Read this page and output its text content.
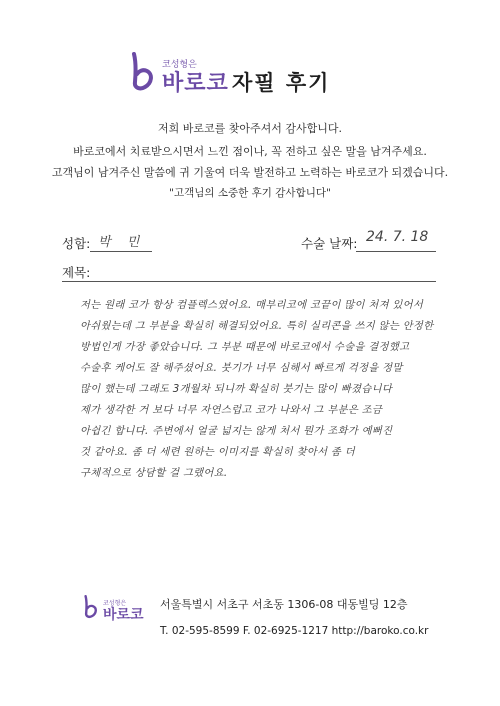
코성형은
바로코 자필 후기
저희 바로코를 찾아주셔서 감사합니다.
바로코에서 치료받으시면서 느낀 점이나, 꼭 전하고 싶은 말을 남겨주세요.
고객님이 남겨주신 말씀에 귀 기울여 더욱 발전하고 노력하는 바로코가 되겠습니다.
"고객님의 소중한 후기 감사합니다"
성함: 박 민	수술 날짜: 24. 7. 18
제목:
저는 원래 코가 항상 컴플렉스였어요. 매부리코에 코끝이 많이 처져 있어서
아쉬웠는데 그 부분을 확실히 해결되었어요. 특히 실리콘을 쓰지 않는 안정한
방법인게 가장 좋았습니다. 그 부분 때문에 바로코에서 수술을 결정했고
수술후 케어도 잘 해주셨어요. 붓기가 너무 심해서 빠르게 걱정을 정말
많이 했는데 그래도 3개월차 되니까 확실히 붓기는 많이 빠졌습니다
제가 생각한 거 보다 너무 자연스럽고 코가 나와서 그 부분은 조금
아쉽긴 합니다. 주변에서 얼굴 넓지는 않게 처서 뭔가 조화가 예뻐진
것 같아요. 좀 더 세련 원하는 이미지를 확실히 찾아서 좀 더
구체적으로 상담할 걸 그랬어요.
코성형은
바로코
서울특별시 서초구 서초동 1306-08 대동빌딩 12층
T. 02-595-8599 F. 02-6925-1217 http://baroko.co.kr
